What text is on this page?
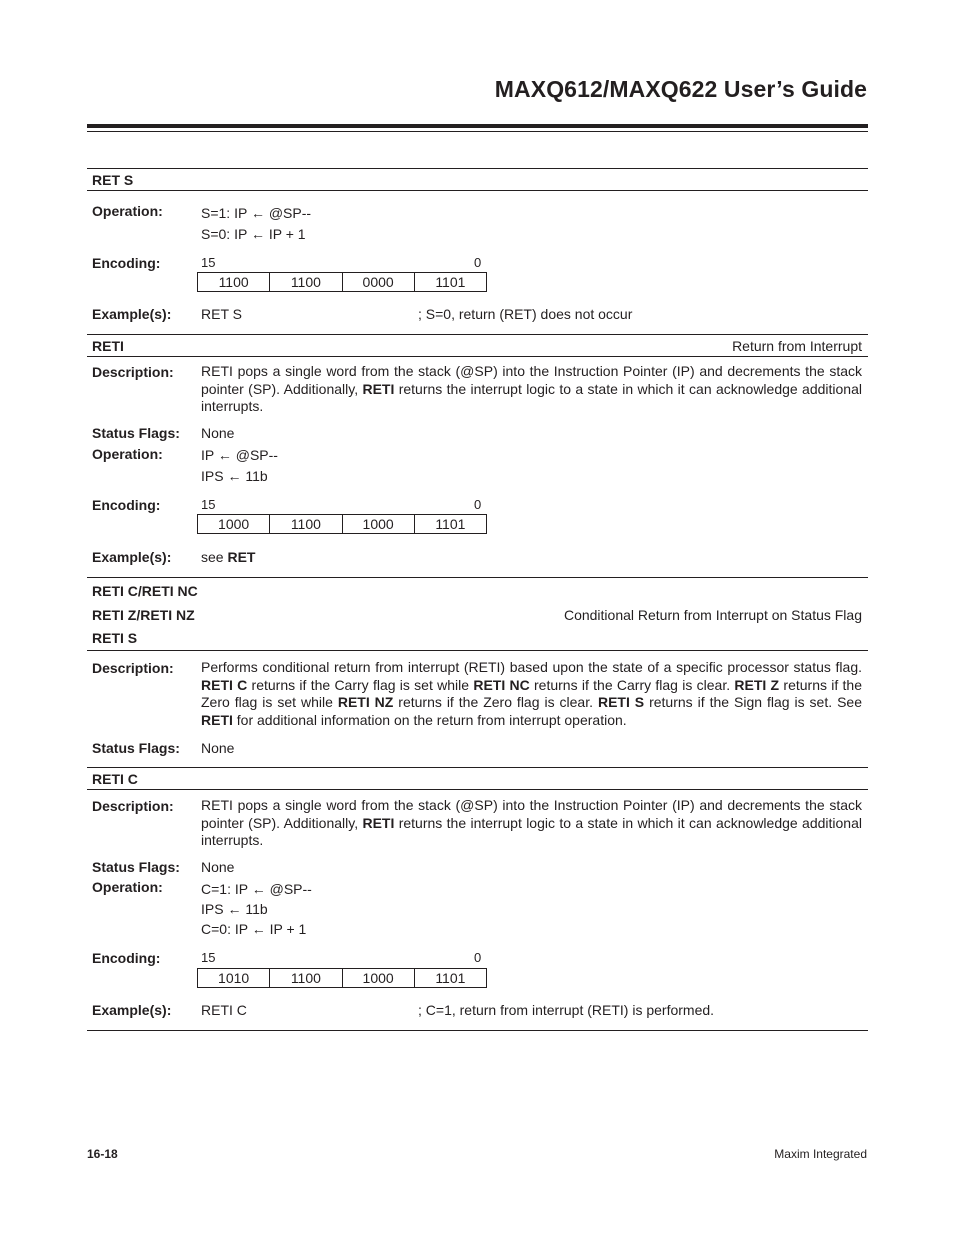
MAXQ612/MAXQ622 User’s Guide
RET S
Operation:	S=1: IP ← @SP--
S=0: IP ← IP + 1
Encoding:	15	0
1100	1100	0000	1101
Example(s): RET S	; S=0, return (RET) does not occur
RETI	Return from Interrupt
Description: RETI pops a single word from the stack (@SP) into the Instruction Pointer (IP) and decrements the stack pointer (SP). Additionally, RETI returns the interrupt logic to a state in which it can acknowledge additional interrupts.
Status Flags: None
Operation:	IP ← @SP--
IPS ← 11b
Encoding:	15	0
1000	1100	1000	1101
Example(s): see RET
RETI C/RETI NC
RETI Z/RETI NZ	Conditional Return from Interrupt on Status Flag
RETI S
Description: Performs conditional return from interrupt (RETI) based upon the state of a specific processor status flag. RETI C returns if the Carry flag is set while RETI NC returns if the Carry flag is clear. RETI Z returns if the Zero flag is set while RETI NZ returns if the Zero flag is clear. RETI S returns if the Sign flag is set. See RETI for additional information on the return from interrupt operation.
Status Flags: None
RETI C
Description: RETI pops a single word from the stack (@SP) into the Instruction Pointer (IP) and decrements the stack pointer (SP). Additionally, RETI returns the interrupt logic to a state in which it can acknowledge additional interrupts.
Status Flags: None
Operation:	C=1: IP ← @SP--
IPS ← 11b
C=0: IP ← IP + 1
Encoding:	15	0
1010	1100	1000	1101
Example(s): RETI C	; C=1, return from interrupt (RETI) is performed.
16-18	Maxim Integrated
